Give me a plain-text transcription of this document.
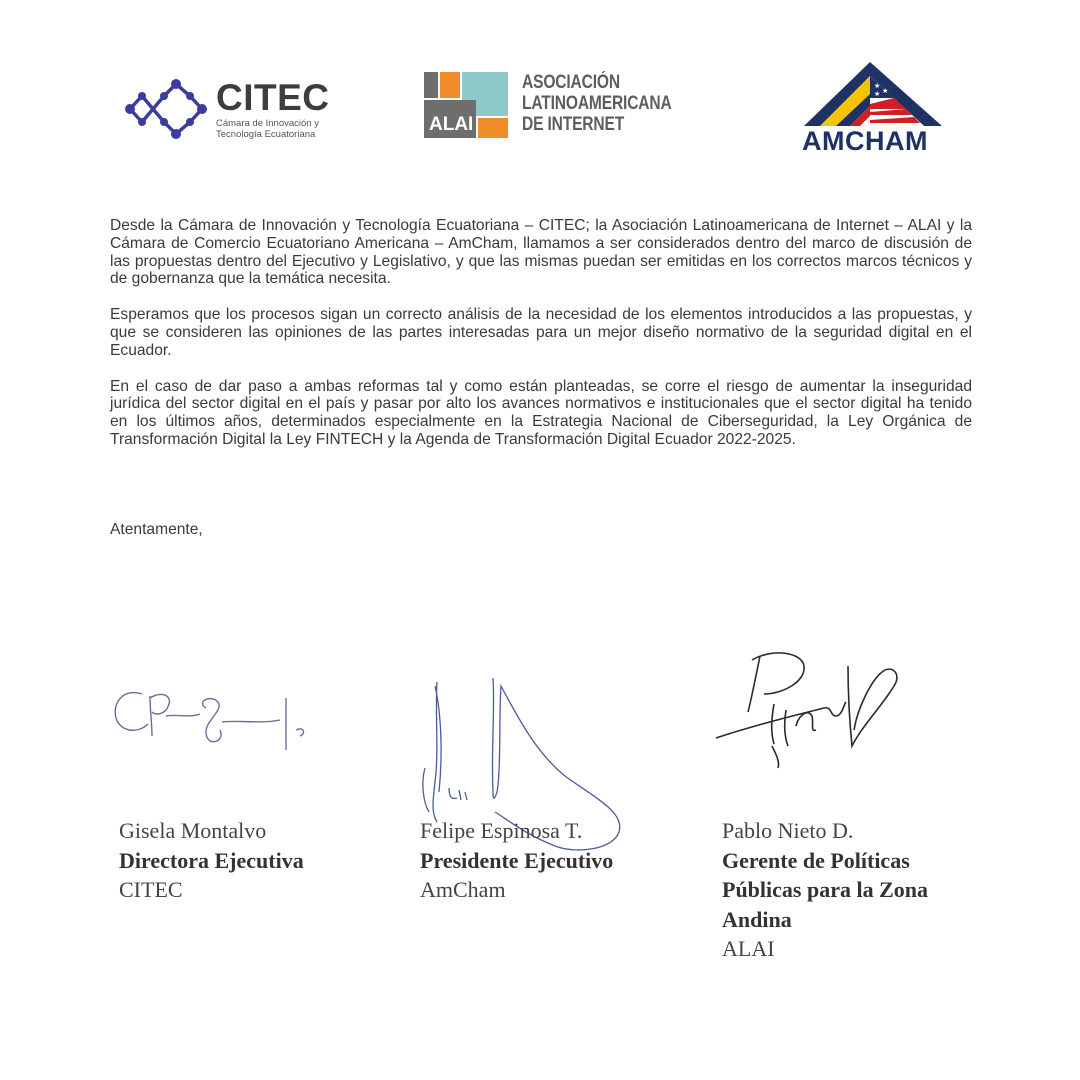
CITEC
Cámara de Innovación y
Tecnología Ecuatoriana	ALAI
ASOCIACIÓN
LATINOAMERICANA
DE INTERNET
★
★
★
AMCHAM

Desde la Cámara de Innovación y Tecnología Ecuatoriana – CITEC; la Asociación Latinoamericana de Internet – ALAI y la Cámara de Comercio Ecuatoriano Americana – AmCham, llamamos a ser considerados dentro del marco de discusión de las propuestas dentro del Ejecutivo y Legislativo, y que las mismas puedan ser emitidas en los correctos marcos técnicos y de gobernanza que la temática necesita.

Esperamos que los procesos sigan un correcto análisis de la necesidad de los elementos introducidos a las propuestas, y que se consideren las opiniones de las partes interesadas para un mejor diseño normativo de la seguridad digital en el Ecuador.

En el caso de dar paso a ambas reformas tal y como están planteadas, se corre el riesgo de aumentar la inseguridad jurídica del sector digital en el país y pasar por alto los avances normativos e institucionales que el sector digital ha tenido en los últimos años, determinados especialmente en la Estrategia Nacional de Ciberseguridad, la Ley Orgánica de Transformación Digital la Ley FINTECH y la Agenda de Transformación Digital Ecuador 2022-2025.

Atentamente,
Gisela Montalvo
Directora Ejecutiva
CITEC
Felipe Espinosa T.
Presidente Ejecutivo
AmCham
Pablo Nieto D.
Gerente de Políticas Públicas para la Zona Andina
ALAI
